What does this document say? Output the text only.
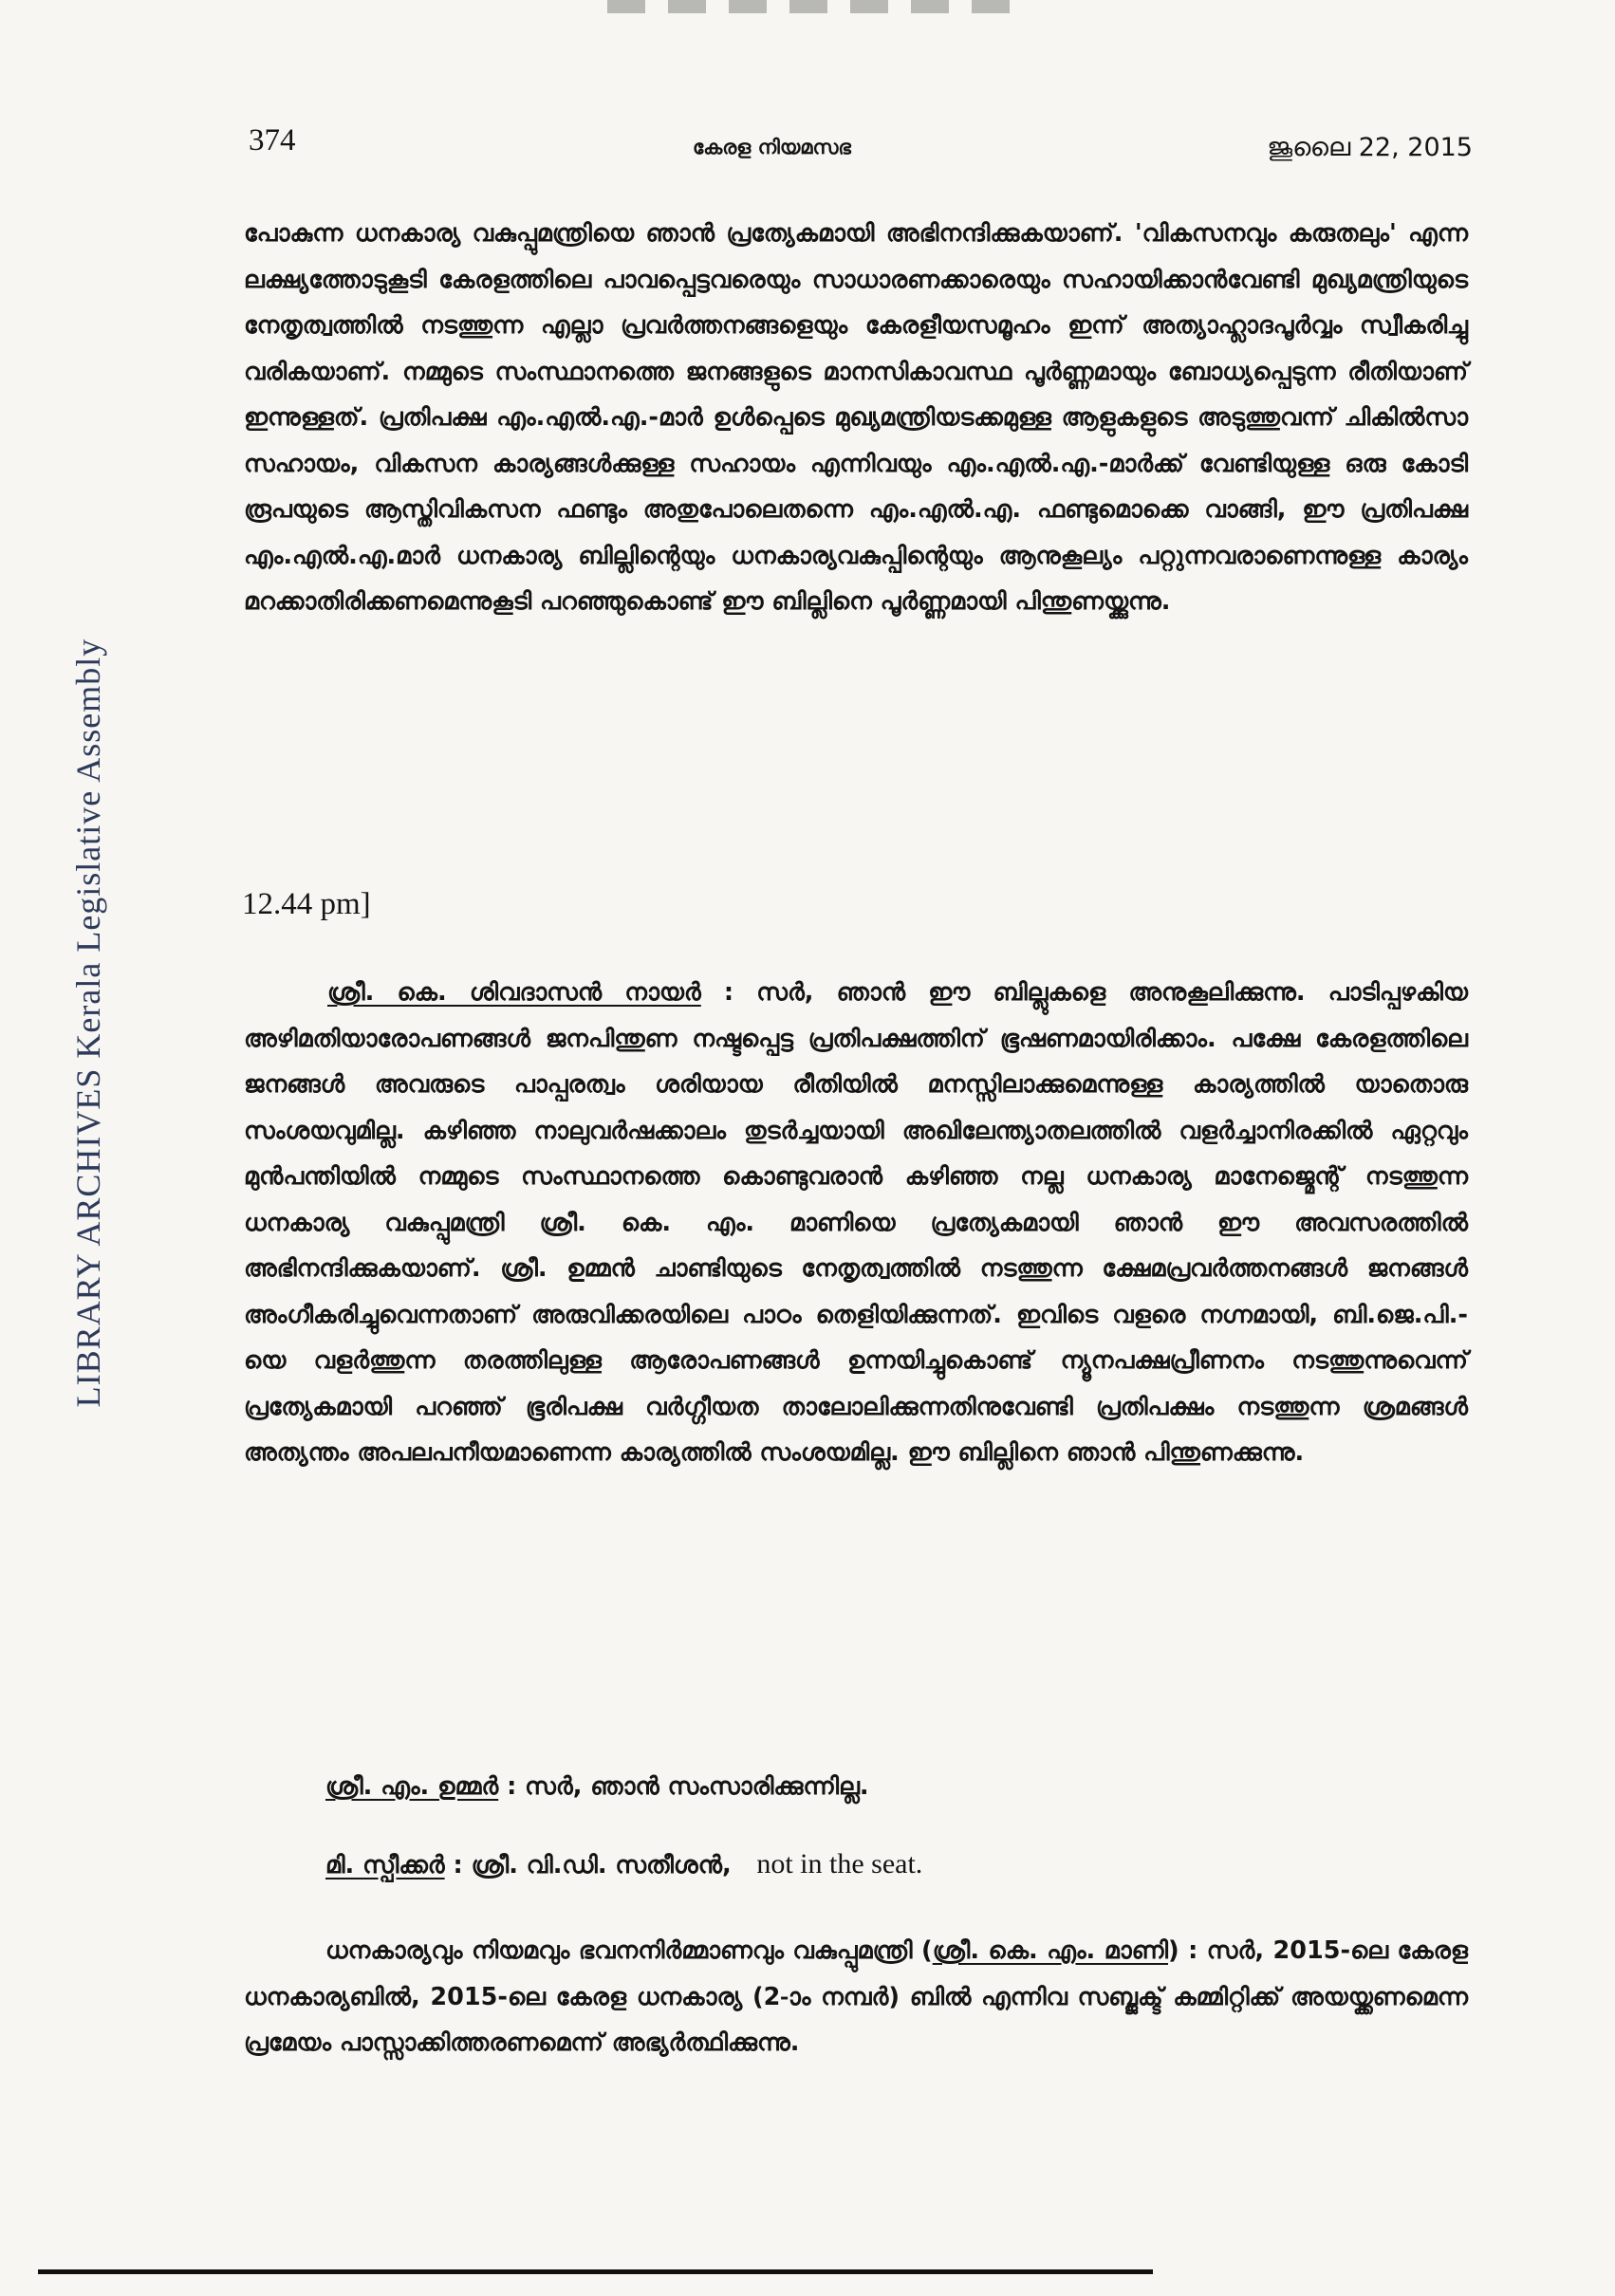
374	കേരള നിയമസഭ	ജൂലൈ 22, 2015
LIBRARY ARCHIVES Kerala Legislative Assembly
പോകുന്ന ധനകാര്യ വകുപ്പുമന്ത്രിയെ ഞാൻ പ്രത്യേകമായി അഭിനന്ദിക്കുകയാണ്. 'വികസനവും കരുതലും' എന്ന ലക്ഷ്യത്തോടുകൂടി കേരളത്തിലെ പാവപ്പെട്ടവരെയും സാധാരണക്കാരെയും സഹായിക്കാൻവേണ്ടി മുഖ്യമന്ത്രിയുടെ നേതൃത്വത്തിൽ നടത്തുന്ന എല്ലാ പ്രവർത്തനങ്ങളെയും കേരളീയസമൂഹം ഇന്ന് അത്യാഹ്ലാദപൂർവ്വം സ്വീകരിച്ചു വരികയാണ്. നമ്മുടെ സംസ്ഥാനത്തെ ജനങ്ങളുടെ മാനസികാവസ്ഥ പൂർണ്ണമായും ബോധ്യപ്പെടുന്ന രീതിയാണ് ഇന്നുള്ളത്. പ്രതിപക്ഷ എം.എൽ.എ.-മാർ ഉൾപ്പെടെ മുഖ്യമന്ത്രിയടക്കമുള്ള ആളുകളുടെ അടുത്തുവന്ന് ചികിൽസാ സഹായം, വികസന കാര്യങ്ങൾക്കുള്ള സഹായം എന്നിവയും എം.എൽ.എ.-മാർക്ക് വേണ്ടിയുള്ള ഒരു കോടി രൂപയുടെ ആസ്തിവികസന ഫണ്ടും അതുപോലെതന്നെ എം.എൽ.എ. ഫണ്ടുമൊക്കെ വാങ്ങി, ഈ പ്രതിപക്ഷ എം.എൽ.എ.മാർ ധനകാര്യ ബില്ലിന്റെയും ധനകാര്യവകുപ്പിന്റെയും ആനുകൂല്യം പറ്റുന്നവരാണെന്നുള്ള കാര്യം മറക്കാതിരിക്കണമെന്നുകൂടി പറഞ്ഞുകൊണ്ട് ഈ ബില്ലിനെ പൂർണ്ണമായി പിന്തുണയ്ക്കുന്നു.
12.44 pm]
ശ്രീ. കെ. ശിവദാസൻ നായർ : സർ, ഞാൻ ഈ ബില്ലുകളെ അനുകൂലിക്കുന്നു. പാടിപ്പഴകിയ അഴിമതിയാരോപണങ്ങൾ ജനപിന്തുണ നഷ്ടപ്പെട്ട പ്രതിപക്ഷത്തിന് ഭൂഷണമായിരിക്കാം. പക്ഷേ കേരളത്തിലെ ജനങ്ങൾ അവരുടെ പാപ്പരത്വം ശരിയായ രീതിയിൽ മനസ്സിലാക്കുമെന്നുള്ള കാര്യത്തിൽ യാതൊരു സംശയവുമില്ല. കഴിഞ്ഞ നാലുവർഷക്കാലം തുടർച്ചയായി അഖിലേന്ത്യാതലത്തിൽ വളർച്ചാനിരക്കിൽ ഏറ്റവും മുൻപന്തിയിൽ നമ്മുടെ സംസ്ഥാനത്തെ കൊണ്ടുവരാൻ കഴിഞ്ഞ നല്ല ധനകാര്യ മാനേജ്മെന്റ് നടത്തുന്ന ധനകാര്യ വകുപ്പുമന്ത്രി ശ്രീ. കെ. എം. മാണിയെ പ്രത്യേകമായി ഞാൻ ഈ അവസരത്തിൽ അഭിനന്ദിക്കുകയാണ്. ശ്രീ. ഉമ്മൻ ചാണ്ടിയുടെ നേതൃത്വത്തിൽ നടത്തുന്ന ക്ഷേമപ്രവർത്തനങ്ങൾ ജനങ്ങൾ അംഗീകരിച്ചുവെന്നതാണ് അരുവിക്കരയിലെ പാഠം തെളിയിക്കുന്നത്. ഇവിടെ വളരെ നഗ്നമായി, ബി.ജെ.പി.-യെ വളർത്തുന്ന തരത്തിലുള്ള ആരോപണങ്ങൾ ഉന്നയിച്ചുകൊണ്ട് ന്യൂനപക്ഷപ്രീണനം നടത്തുന്നുവെന്ന് പ്രത്യേകമായി പറഞ്ഞ് ഭൂരിപക്ഷ വർഗ്ഗീയത താലോലിക്കുന്നതിനുവേണ്ടി പ്രതിപക്ഷം നടത്തുന്ന ശ്രമങ്ങൾ അത്യന്തം അപലപനീയമാണെന്ന കാര്യത്തിൽ സംശയമില്ല. ഈ ബില്ലിനെ ഞാൻ പിന്തുണക്കുന്നു.
ശ്രീ. എം. ഉമ്മർ : സർ, ഞാൻ സംസാരിക്കുന്നില്ല.
മി. സ്പീക്കർ : ശ്രീ. വി.ഡി. സതീശൻ, not in the seat.
ധനകാര്യവും നിയമവും ഭവനനിർമ്മാണവും വകുപ്പുമന്ത്രി (ശ്രീ. കെ. എം. മാണി) : സർ, 2015-ലെ കേരള ധനകാര്യബിൽ, 2015-ലെ കേരള ധനകാര്യ (2-ാം നമ്പർ) ബിൽ എന്നിവ സബ്ജക്ട് കമ്മിറ്റിക്ക് അയയ്ക്കണമെന്ന പ്രമേയം പാസ്സാക്കിത്തരണമെന്ന് അഭ്യർത്ഥിക്കുന്നു.
